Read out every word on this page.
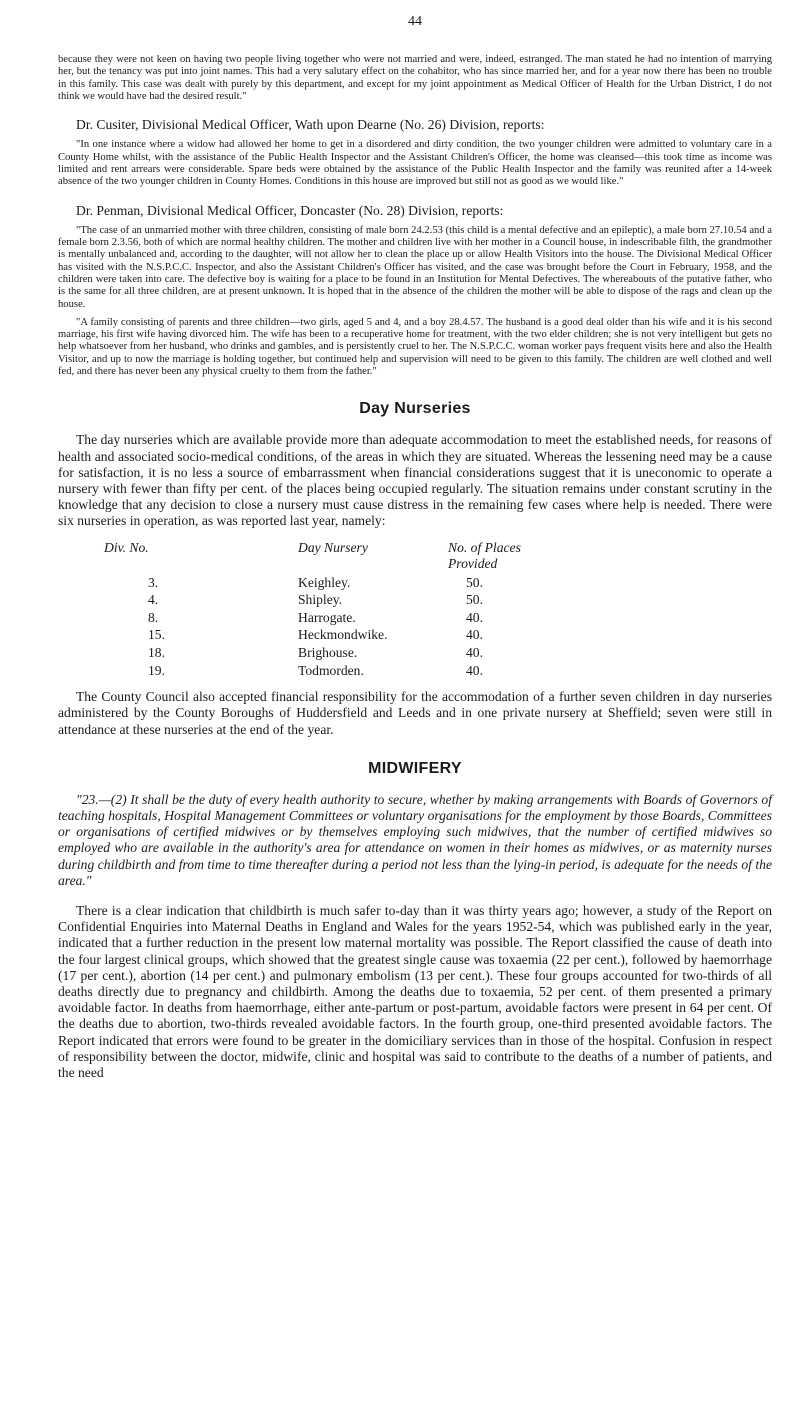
44

because they were not keen on having two people living together who were not married and were, indeed, estranged. The man stated he had no intention of marrying her, but the tenancy was put into joint names. This had a very salutary effect on the cohabitor, who has since married her, and for a year now there has been no trouble in this family. This case was dealt with purely by this department, and except for my joint appointment as Medical Officer of Health for the Urban District, I do not think we would have had the desired result."

Dr. Cusiter, Divisional Medical Officer, Wath upon Dearne (No. 26) Division, reports:

"In one instance where a widow had allowed her home to get in a disordered and dirty condition, the two younger children were admitted to voluntary care in a County Home whilst, with the assistance of the Public Health Inspector and the Assistant Children's Officer, the home was cleansed—this took time as income was limited and rent arrears were considerable. Spare beds were obtained by the assistance of the Public Health Inspector and the family was reunited after a 14-week absence of the two younger children in County Homes. Conditions in this house are improved but still not as good as we would like."

Dr. Penman, Divisional Medical Officer, Doncaster (No. 28) Division, reports:

"The case of an unmarried mother with three children, consisting of male born 24.2.53 (this child is a mental defective and an epileptic), a male born 27.10.54 and a female born 2.3.56, both of which are normal healthy children. The mother and children live with her mother in a Council house, in indescribable filth, the grandmother is mentally unbalanced and, according to the daughter, will not allow her to clean the place up or allow Health Visitors into the house. The Divisional Medical Officer has visited with the N.S.P.C.C. Inspector, and also the Assistant Children's Officer has visited, and the case was brought before the Court in February, 1958, and the children were taken into care. The defective boy is waiting for a place to be found in an Institution for Mental Defectives. The whereabouts of the putative father, who is the same for all three children, are at present unknown. It is hoped that in the absence of the children the mother will be able to dispose of the rags and clean up the house.

"A family consisting of parents and three children—two girls, aged 5 and 4, and a boy 28.4.57. The husband is a good deal older than his wife and it is his second marriage, his first wife having divorced him. The wife has been to a recuperative home for treatment, with the two elder children; she is not very intelligent but gets no help whatsoever from her husband, who drinks and gambles, and is persistently cruel to her. The N.S.P.C.C. woman worker pays frequent visits here and also the Health Visitor, and up to now the marriage is holding together, but continued help and supervision will need to be given to this family. The children are well clothed and well fed, and there has never been any physical cruelty to them from the father."

Day Nurseries

The day nurseries which are available provide more than adequate accommodation to meet the established needs, for reasons of health and associated socio-medical conditions, of the areas in which they are situated. Whereas the lessening need may be a cause for satisfaction, it is no less a source of embarrassment when financial considerations suggest that it is uneconomic to operate a nursery with fewer than fifty per cent. of the places being occupied regularly. The situation remains under constant scrutiny in the knowledge that any decision to close a nursery must cause distress in the remaining few cases where help is needed. There were six nurseries in operation, as was reported last year, namely:

Div. No.	Day Nursery	No. of Places Provided
3.	Keighley.	50.
4.	Shipley.	50.
8.	Harrogate.	40.
15.	Heckmondwike.	40.
18.	Brighouse.	40.
19.	Todmorden.	40.

The County Council also accepted financial responsibility for the accommodation of a further seven children in day nurseries administered by the County Boroughs of Huddersfield and Leeds and in one private nursery at Sheffield; seven were still in attendance at these nurseries at the end of the year.

MIDWIFERY

"23.—(2) It shall be the duty of every health authority to secure, whether by making arrangements with Boards of Governors of teaching hospitals, Hospital Management Committees or voluntary organisations for the employment by those Boards, Committees or organisations of certified midwives or by themselves employing such midwives, that the number of certified midwives so employed who are available in the authority's area for attendance on women in their homes as midwives, or as maternity nurses during childbirth and from time to time thereafter during a period not less than the lying-in period, is adequate for the needs of the area."

There is a clear indication that childbirth is much safer to-day than it was thirty years ago; however, a study of the Report on Confidential Enquiries into Maternal Deaths in England and Wales for the years 1952-54, which was published early in the year, indicated that a further reduction in the present low maternal mortality was possible. The Report classified the cause of death into the four largest clinical groups, which showed that the greatest single cause was toxaemia (22 per cent.), followed by haemorrhage (17 per cent.), abortion (14 per cent.) and pulmonary embolism (13 per cent.). These four groups accounted for two-thirds of all deaths directly due to pregnancy and childbirth. Among the deaths due to toxaemia, 52 per cent. of them presented a primary avoidable factor. In deaths from haemorrhage, either ante-partum or post-partum, avoidable factors were present in 64 per cent. Of the deaths due to abortion, two-thirds revealed avoidable factors. In the fourth group, one-third presented avoidable factors. The Report indicated that errors were found to be greater in the domiciliary services than in those of the hospital. Confusion in respect of responsibility between the doctor, midwife, clinic and hospital was said to contribute to the deaths of a number of patients, and the need
